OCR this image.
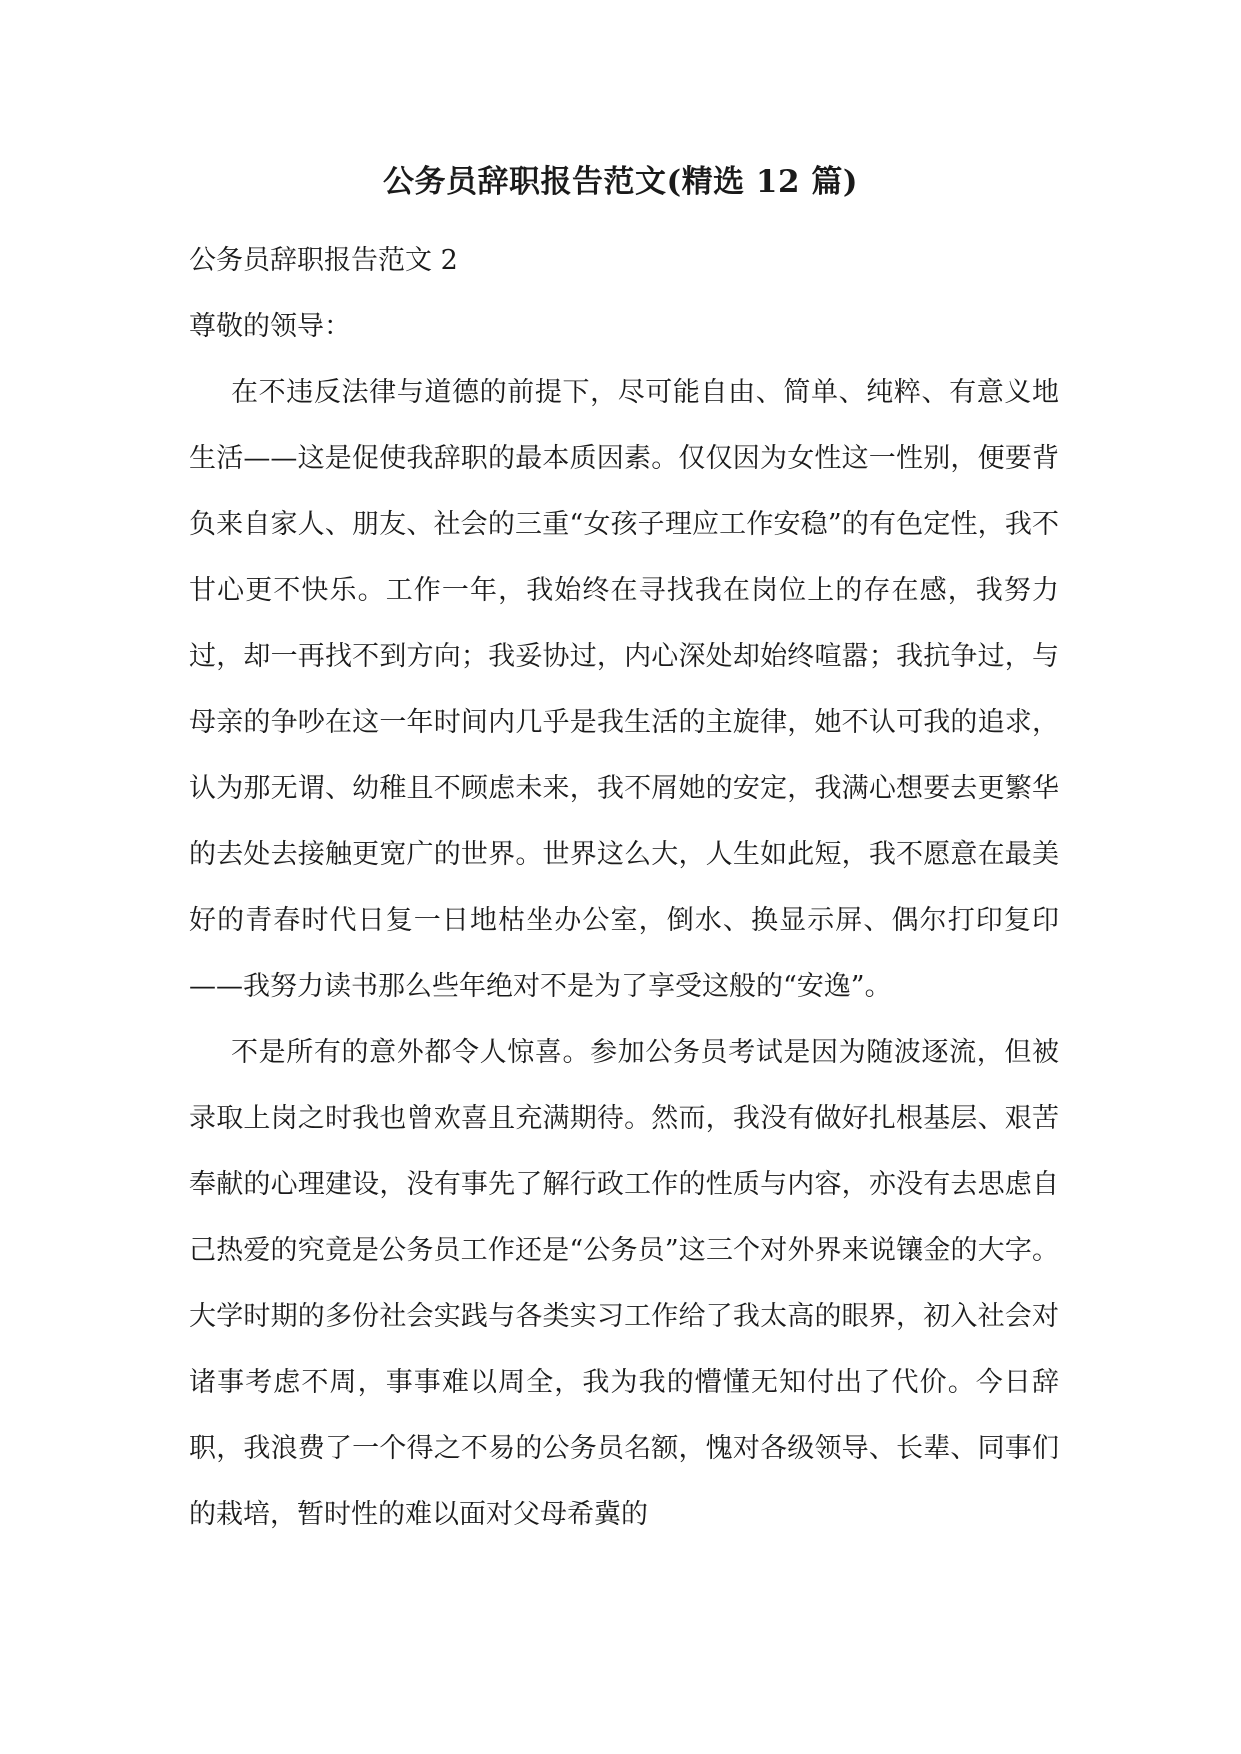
公务员辞职报告范文(精选 12 篇)

公务员辞职报告范文 2

尊敬的领导：

在不违反法律与道德的前提下，尽可能自由、简单、纯粹、有意义地生活——这是促使我辞职的最本质因素。仅仅因为女性这一性别，便要背负来自家人、朋友、社会的三重“女孩子理应工作安稳”的有色定性，我不甘心更不快乐。工作一年，我始终在寻找我在岗位上的存在感，我努力过，却一再找不到方向；我妥协过，内心深处却始终喧嚣；我抗争过，与母亲的争吵在这一年时间内几乎是我生活的主旋律，她不认可我的追求，认为那无谓、幼稚且不顾虑未来，我不屑她的安定，我满心想要去更繁华的去处去接触更宽广的世界。世界这么大，人生如此短，我不愿意在最美好的青春时代日复一日地枯坐办公室，倒水、换显示屏、偶尔打印复印——我努力读书那么些年绝对不是为了享受这般的“安逸”。

不是所有的意外都令人惊喜。参加公务员考试是因为随波逐流，但被录取上岗之时我也曾欢喜且充满期待。然而，我没有做好扎根基层、艰苦奉献的心理建设，没有事先了解行政工作的性质与内容，亦没有去思虑自己热爱的究竟是公务员工作还是“公务员”这三个对外界来说镶金的大字。大学时期的多份社会实践与各类实习工作给了我太高的眼界，初入社会对诸事考虑不周，事事难以周全，我为我的懵懂无知付出了代价。今日辞职，我浪费了一个得之不易的公务员名额，愧对各级领导、长辈、同事们的栽培，暂时性的难以面对父母希冀的
